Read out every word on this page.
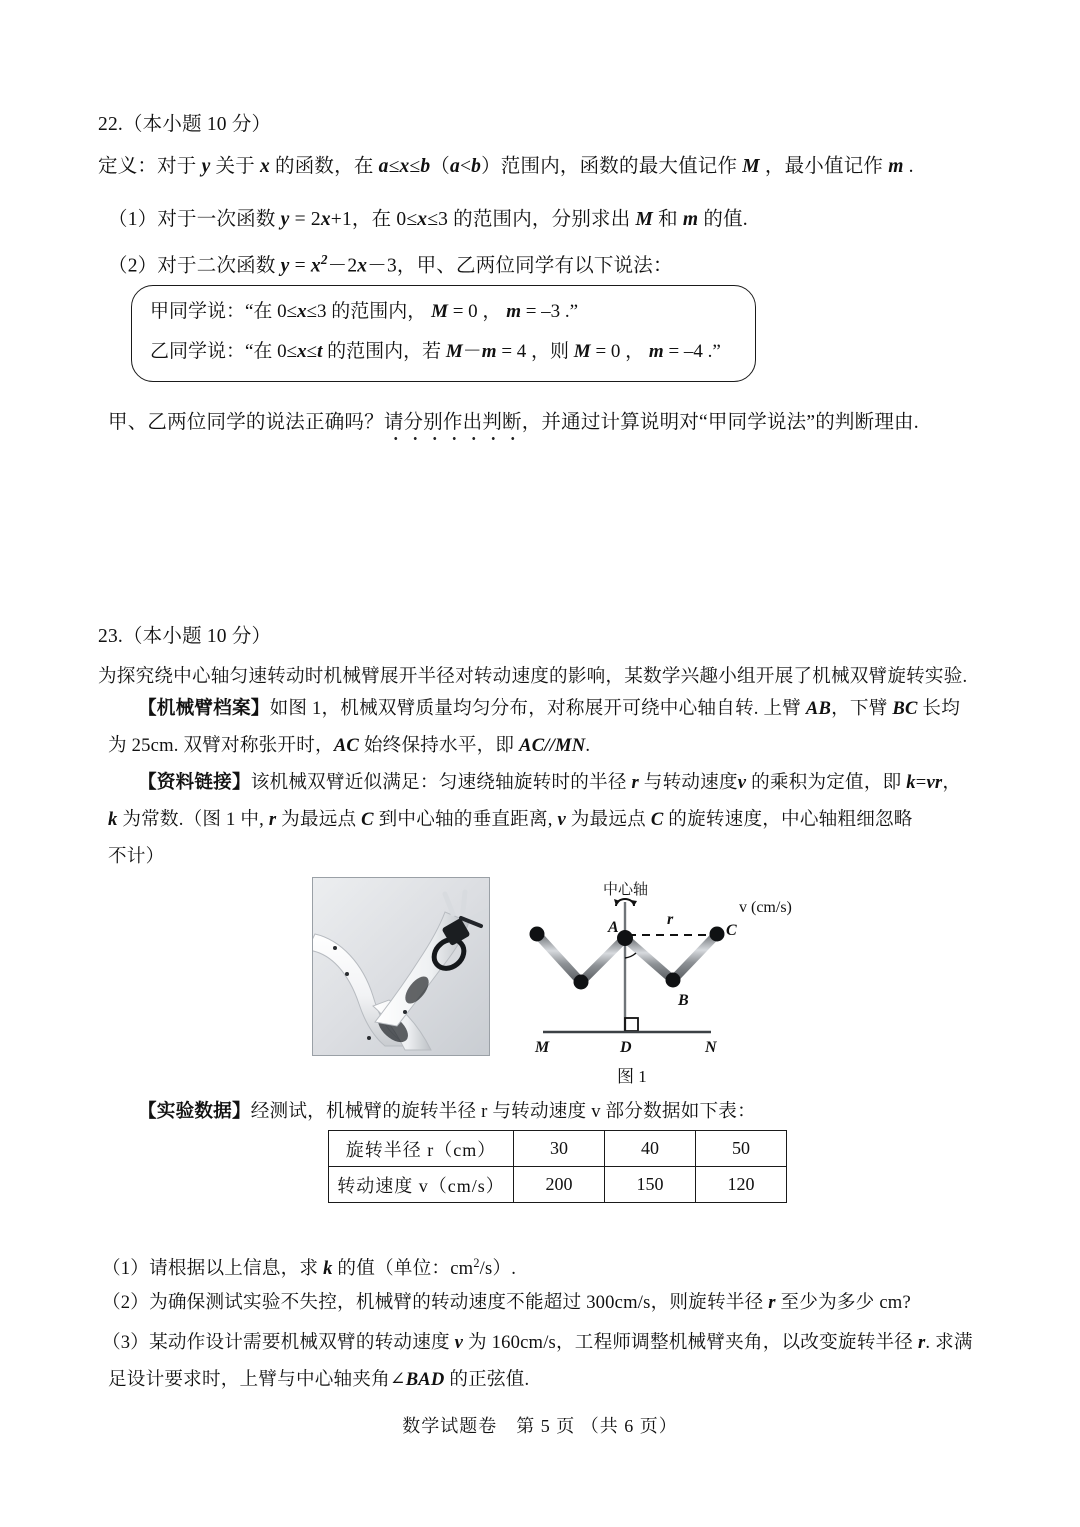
22.（本小题 10 分）
定义：对于 y 关于 x 的函数，在 a≤x≤b（a<b）范围内，函数的最大值记作 M ，最小值记作 m .
（1）对于一次函数 y = 2x+1，在 0≤x≤3 的范围内，分别求出 M 和 m 的值.
（2）对于二次函数 $y = x^2-2x-3$，甲、乙两位同学有以下说法：
甲同学说：“在 0≤x≤3 的范围内， M = 0 ， m = –3 .”
乙同学说：“在 0≤x≤t 的范围内，若 M－m = 4 ，则 M = 0 ， m = –4 .”
甲、乙两位同学的说法正确吗？请分别作出判断，并通过计算说明对“甲同学说法”的判断理由.
23.（本小题 10 分）
为探究绕中心轴匀速转动时机械臂展开半径对转动速度的影响，某数学兴趣小组开展了机械双臂旋转实验.
【机械臂档案】如图 1，机械双臂质量均匀分布，对称展开可绕中心轴自转. 上臂 AB，下臂 BC 长均
为 25cm. 双臂对称张开时，AC 始终保持水平，即 AC//MN.
【资料链接】该机械双臂近似满足：匀速绕轴旋转时的半径 r 与转动速度v 的乘积为定值，即 k=vr，
k 为常数.（图 1 中, r 为最远点 C 到中心轴的垂直距离, v 为最远点 C 的旋转速度，中心轴粗细忽略
不计）
中心轴
A
B
C
D
M	N
r
v (cm/s)
图 1
【实验数据】经测试，机械臂的旋转半径 r 与转动速度 v 部分数据如下表：
旋转半径 r（cm）	30	40	50
转动速度 v（cm/s）	200	150	120
（1）请根据以上信息，求 k 的值（单位：$cm^2/s$）.
（2）为确保测试实验不失控，机械臂的转动速度不能超过 300cm/s，则旋转半径 r 至少为多少 cm?
（3）某动作设计需要机械双臂的转动速度 v 为 160cm/s，工程师调整机械臂夹角，以改变旋转半径 r. 求满
足设计要求时，上臂与中心轴夹角∠BAD 的正弦值.
数学试题卷　第 5 页 （共 6 页）
